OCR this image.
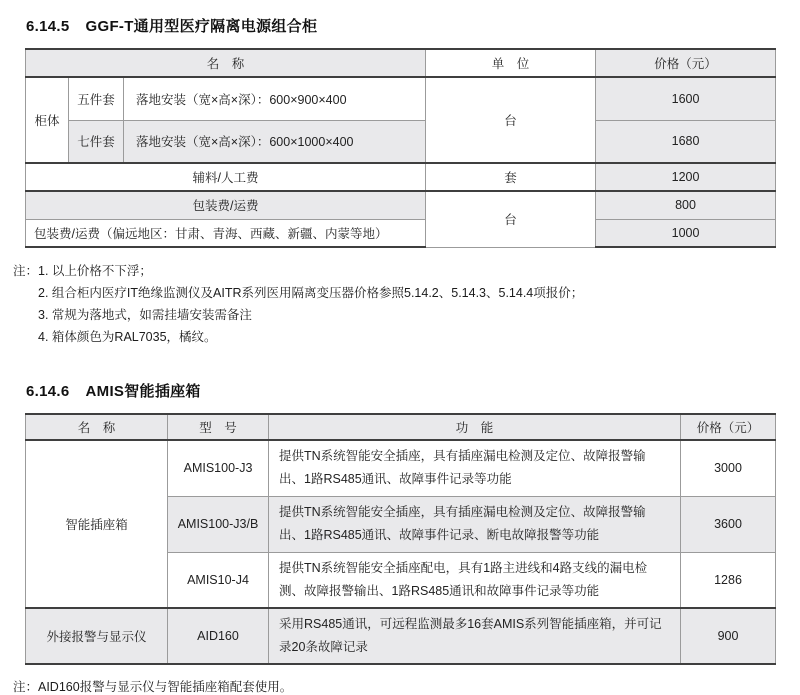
6.14.5 GGF-T通用型医疗隔离电源组合柜
名　称			单　位	价格（元）
柜体	五件套	落地安装（宽×高×深）：600×900×400	台	1600
	七件套	落地安装（宽×高×深）：600×1000×400		1680
辅料/人工费			套	1200
包装费/运费			台	800
包装费/运费（偏远地区：甘肃、青海、西藏、新疆、内蒙等地）				1000
注： 1. 以上价格不下浮；
2. 组合柜内医疗IT绝缘监测仪及AITR系列医用隔离变压器价格参照5.14.2、5.14.3、5.14.4项报价；
3. 常规为落地式，如需挂墙安装需备注
4. 箱体颜色为RAL7035，橘纹。
6.14.6 AMIS智能插座箱
名　称	型　号	功　能	价格（元）
智能插座箱	AMIS100-J3	提供TN系统智能安全插座，具有插座漏电检测及定位、故障报警输出、1路RS485通讯、故障事件记录等功能	3000
	AMIS100-J3/B	提供TN系统智能安全插座，具有插座漏电检测及定位、故障报警输出、1路RS485通讯、故障事件记录、断电故障报警等功能	3600
	AMIS10-J4	提供TN系统智能安全插座配电，具有1路主进线和4路支线的漏电检测、故障报警输出、1路RS485通讯和故障事件记录等功能	1286
外接报警与显示仪	AID160	采用RS485通讯，可远程监测最多16套AMIS系列智能插座箱，并可记录20条故障记录	900
注：AID160报警与显示仪与智能插座箱配套使用。
